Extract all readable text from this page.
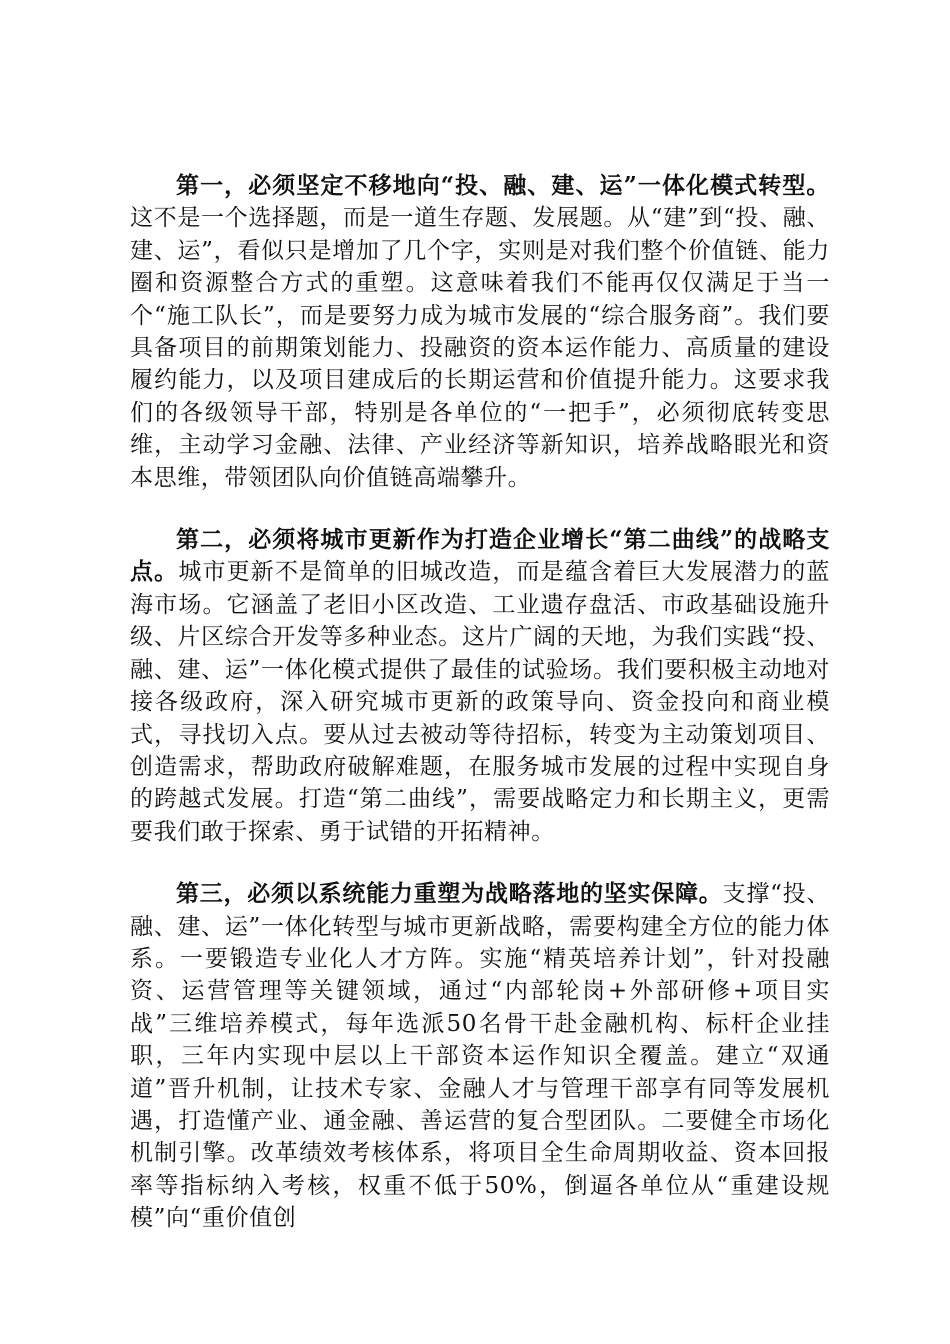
第一，必须坚定不移地向“投、融、建、运”一体化模式转型。这不是一个选择题，而是一道生存题、发展题。从“建”到“投、融、建、运”，看似只是增加了几个字，实则是对我们整个价值链、能力圈和资源整合方式的重塑。这意味着我们不能再仅仅满足于当一个“施工队长”，而是要努力成为城市发展的“综合服务商”。我们要具备项目的前期策划能力、投融资的资本运作能力、高质量的建设履约能力，以及项目建成后的长期运营和价值提升能力。这要求我们的各级领导干部，特别是各单位的“一把手”，必须彻底转变思维，主动学习金融、法律、产业经济等新知识，培养战略眼光和资本思维，带领团队向价值链高端攀升。

第二，必须将城市更新作为打造企业增长“第二曲线”的战略支点。城市更新不是简单的旧城改造，而是蕴含着巨大发展潜力的蓝海市场。它涵盖了老旧小区改造、工业遗存盘活、市政基础设施升级、片区综合开发等多种业态。这片广阔的天地，为我们实践“投、融、建、运”一体化模式提供了最佳的试验场。我们要积极主动地对接各级政府，深入研究城市更新的政策导向、资金投向和商业模式，寻找切入点。要从过去被动等待招标，转变为主动策划项目、创造需求，帮助政府破解难题，在服务城市发展的过程中实现自身的跨越式发展。打造“第二曲线”，需要战略定力和长期主义，更需要我们敢于探索、勇于试错的开拓精神。

第三，必须以系统能力重塑为战略落地的坚实保障。支撑“投、融、建、运”一体化转型与城市更新战略，需要构建全方位的能力体系。一要锻造专业化人才方阵。实施“精英培养计划”，针对投融资、运营管理等关键领域，通过“内部轮岗+外部研修+项目实战”三维培养模式，每年选派50名骨干赴金融机构、标杆企业挂职，三年内实现中层以上干部资本运作知识全覆盖。建立“双通道”晋升机制，让技术专家、金融人才与管理干部享有同等发展机遇，打造懂产业、通金融、善运营的复合型团队。二要健全市场化机制引擎。改革绩效考核体系，将项目全生命周期收益、资本回报率等指标纳入考核，权重不低于50%，倒逼各单位从“重建设规模”向“重价值创
